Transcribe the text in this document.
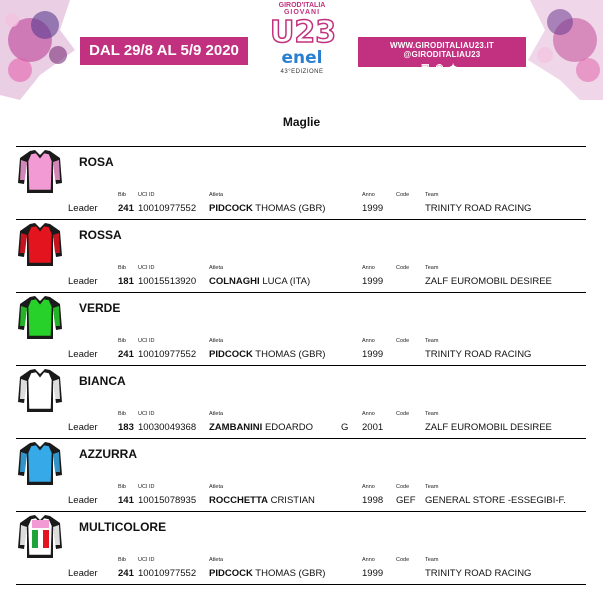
DAL 29/8 AL 5/9 2020
GIROD'ITALIA
GIOVANI
U23
enel
43°EDIZIONE
WWW.GIRODITALIAU23.IT @GIRODITALIAU23
▣◉✦
Maglie
ROSA
Bib UCI ID	Atleta	Anno	Code	Team
Leader 241 10010977552 PIDCOCK THOMAS (GBR)	1999	TRINITY ROAD RACING
ROSSA
Bib UCI ID	Atleta	Anno	Code	Team
Leader 181 10015513920 COLNAGHI LUCA (ITA)	1999	ZALF EUROMOBIL DESIREE
VERDE
Bib UCI ID	Atleta	Anno	Code	Team
Leader 241 10010977552 PIDCOCK THOMAS (GBR)	1999	TRINITY ROAD RACING
BIANCA
Bib UCI ID	Atleta	Anno	Code	Team
Leader 183 10030049368 ZAMBANINI EDOARDO	G 2001	ZALF EUROMOBIL DESIREE
AZZURRA
Bib UCI ID	Atleta	Anno	Code	Team
Leader 141 10015078935 ROCCHETTA CRISTIAN	1998 GEF GENERAL STORE -ESSEGIBI-F.
MULTICOLORE
Bib UCI ID	Atleta	Anno	Code	Team
Leader 241 10010977552 PIDCOCK THOMAS (GBR)	1999	TRINITY ROAD RACING
